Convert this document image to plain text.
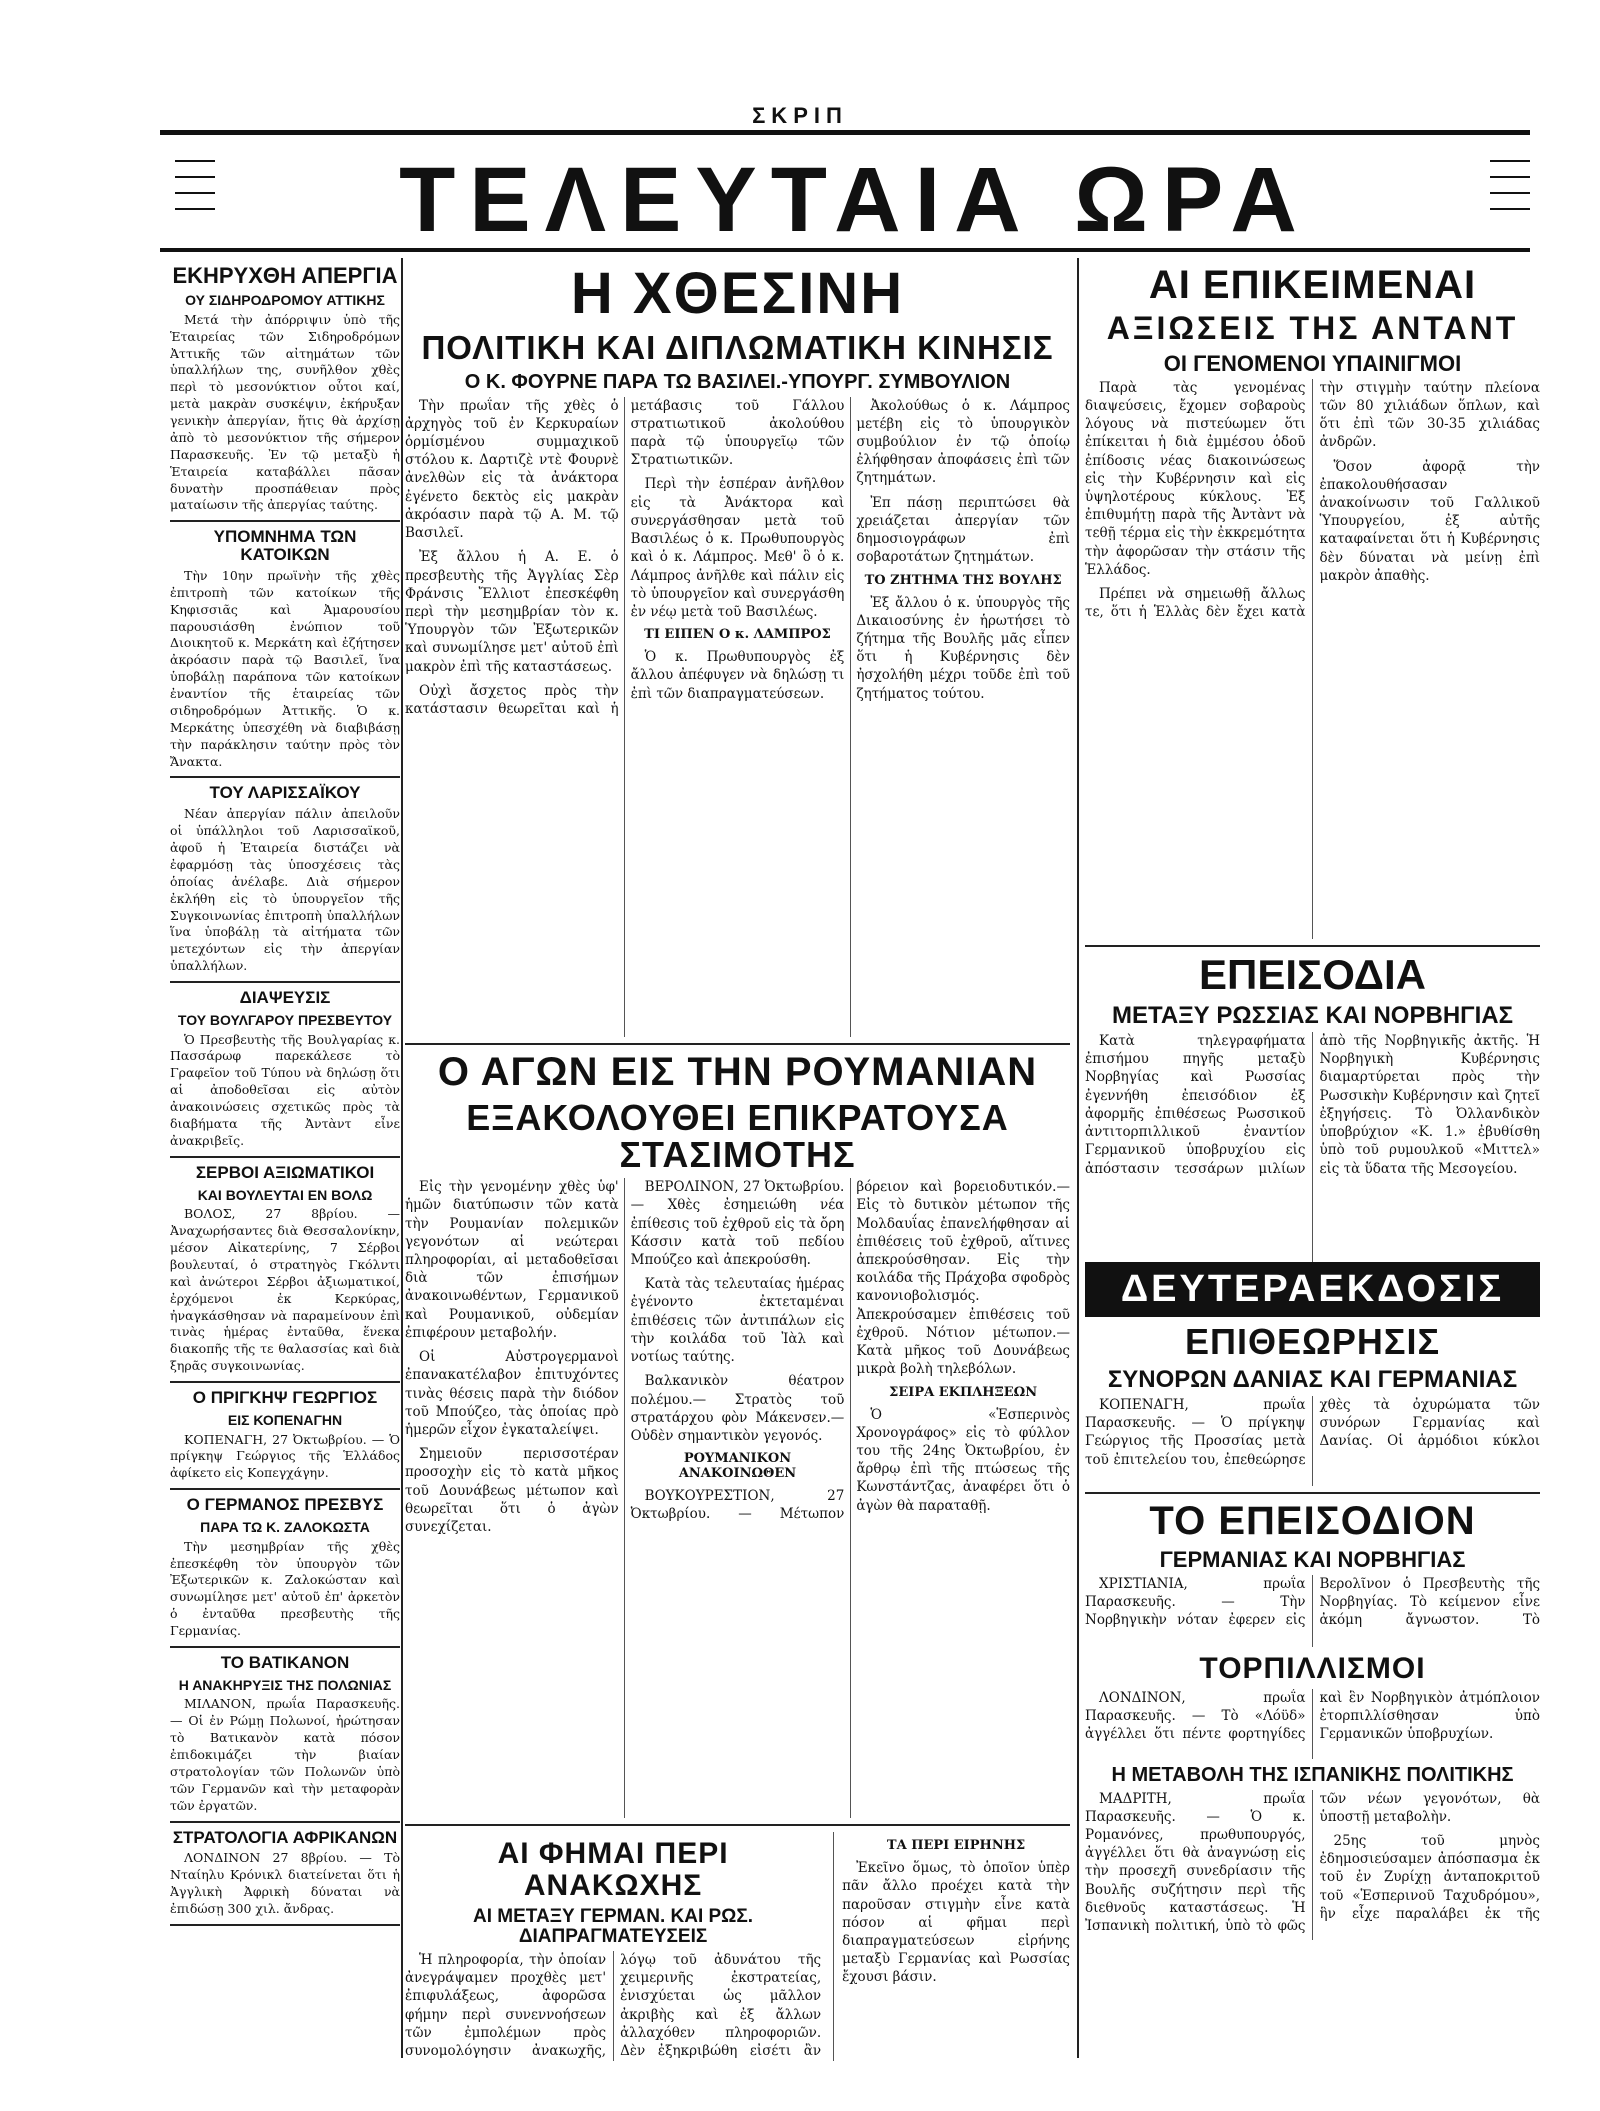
ΣΚΡΙΠ
ΤΕΛΕΥΤΑΙΑ ΩΡΑ
ΕΚΗΡΥΧΘΗ ΑΠΕΡΓΙΑ
ΟΥ ΣΙΔΗΡΟΔΡΟΜΟΥ ΑΤΤΙΚΗΣ

Μετά τὴν ἀπόρριψιν ὑπὸ τῆς Ἑταιρείας τῶν Σιδηροδρόμων Ἀττικῆς τῶν αἰτημάτων τῶν ὑπαλλήλων της, συνῆλθον χθὲς περὶ τὸ μεσονύκτιον οὗτοι καί, μετὰ μακρὰν συσκέψιν, ἐκήρυξαν γενικὴν ἀπεργίαν, ἥτις θὰ ἀρχίσῃ ἀπὸ τὸ μεσονύκτιον τῆς σήμερον Παρασκευῆς. Ἐν τῷ μεταξὺ ἡ Ἑταιρεία καταβάλλει πᾶσαν δυνατὴν προσπάθειαν πρὸς ματαίωσιν τῆς ἀπεργίας ταύτης.

ΥΠΟΜΝΗΜΑ ΤΩΝ ΚΑΤΟΙΚΩΝ

Τὴν 10ην πρωϊνὴν τῆς χθὲς ἐπιτροπὴ τῶν κατοίκων τῆς Κηφισσιᾶς καὶ Ἀμαρουσίου παρουσιάσθη ἐνώπιον τοῦ Διοικητοῦ κ. Μερκάτη καὶ ἐζήτησεν ἀκρόασιν παρὰ τῷ Βασιλεῖ, ἵνα ὑποβάλῃ παράπονα τῶν κατοίκων ἐναντίον τῆς ἑταιρείας τῶν σιδηροδρόμων Ἀττικῆς. Ὁ κ. Μερκάτης ὑπεσχέθη νὰ διαβιβάσῃ τὴν παράκλησιν ταύτην πρὸς τὸν Ἄνακτα.

ΤΟΥ ΛΑΡΙΣΣΑΪΚΟΥ

Νέαν ἀπεργίαν πάλιν ἀπειλοῦν οἱ ὑπάλληλοι τοῦ Λαρισσαϊκοῦ, ἀφοῦ ἡ Ἑταιρεία διστάζει νὰ ἐφαρμόσῃ τὰς ὑποσχέσεις τὰς ὁποίας ἀνέλαβε. Διὰ σήμερον ἐκλήθη εἰς τὸ ὑπουργεῖον τῆς Συγκοινωνίας ἐπιτροπὴ ὑπαλλήλων ἵνα ὑποβάλῃ τὰ αἰτήματα τῶν μετεχόντων εἰς τὴν ἀπεργίαν ὑπαλλήλων.

ΔΙΑΨΕΥΣΙΣ
ΤΟΥ ΒΟΥΛΓΑΡΟΥ ΠΡΕΣΒΕΥΤΟΥ

Ὁ Πρεσβευτὴς τῆς Βουλγαρίας κ. Πασσάρωφ παρεκάλεσε τὸ Γραφεῖον τοῦ Τύπου νὰ δηλώσῃ ὅτι αἱ ἀποδοθεῖσαι εἰς αὐτὸν ἀνακοινώσεις σχετικῶς πρὸς τὰ διαβήματα τῆς Ἀντὰντ εἶνε ἀνακριβεῖς.

ΣΕΡΒΟΙ ΑΞΙΩΜΑΤΙΚΟΙ
ΚΑΙ ΒΟΥΛΕΥΤΑΙ ΕΝ ΒΟΛΩ

ΒΟΛΟΣ, 27 8βρίου. — Ἀναχωρήσαντες διὰ Θεσσαλονίκην, μέσον Αἰκατερίνης, 7 Σέρβοι βουλευταί, ὁ στρατηγὸς Γκόλντι καὶ ἀνώτεροι Σέρβοι ἀξιωματικοί, ἐρχόμενοι ἐκ Κερκύρας, ἠναγκάσθησαν νὰ παραμείνουν ἐπὶ τινὰς ἡμέρας ἐνταῦθα, ἕνεκα διακοπῆς τῆς τε θαλασσίας καὶ διὰ ξηρᾶς συγκοινωνίας.

Ο ΠΡΙΓΚΗΨ ΓΕΩΡΓΙΟΣ
ΕΙΣ ΚΟΠΕΝΑΓΗΝ

ΚΟΠΕΝΑΓΗ, 27 Ὀκτωβρίου. — Ὁ πρίγκηψ Γεώργιος τῆς Ἑλλάδος ἀφίκετο εἰς Κοπεγχάγην.

Ο ΓΕΡΜΑΝΟΣ ΠΡΕΣΒΥΣ
ΠΑΡΑ ΤΩ Κ. ΖΑΛΟΚΩΣΤΑ

Τὴν μεσημβρίαν τῆς χθὲς ἐπεσκέφθη τὸν ὑπουργὸν τῶν Ἐξωτερικῶν κ. Ζαλοκώσταν καὶ συνωμίλησε μετ' αὐτοῦ ἐπ' ἀρκετὸν ὁ ἐνταῦθα πρεσβευτὴς τῆς Γερμανίας.

ΤΟ ΒΑΤΙΚΑΝΟΝ
Η ΑΝΑΚΗΡΥΞΙΣ ΤΗΣ ΠΟΛΩΝΙΑΣ

ΜΙΛΑΝΟΝ, πρωΐα Παρασκευῆς. — Οἱ ἐν Ρώμῃ Πολωνοί, ἠρώτησαν τὸ Βατικανὸν κατὰ πόσον ἐπιδοκιμάζει τὴν βιαίαν στρατολογίαν τῶν Πολωνῶν ὑπὸ τῶν Γερμανῶν καὶ τὴν μεταφορὰν τῶν ἐργατῶν.

ΣΤΡΑΤΟΛΟΓΙΑ ΑΦΡΙΚΑΝΩΝ

ΛΟΝΔΙΝΟΝ 27 8βρίου. — Τὸ Νταίηλυ Κρόνικλ διατείνεται ὅτι ἡ Ἀγγλικὴ Ἀφρικὴ δύναται νὰ ἐπιδώσῃ 300 χιλ. ἄνδρας.

Η ΧΘΕΣΙΝΗ
ΠΟΛΙΤΙΚΗ ΚΑΙ ΔΙΠΛΩΜΑΤΙΚΗ ΚΙΝΗΣΙΣ
Ο Κ. ΦΟΥΡΝΕ ΠΑΡΑ ΤΩ ΒΑΣΙΛΕΙ.-ΥΠΟΥΡΓ. ΣΥΜΒΟΥΛΙΟΝ

Τὴν πρωΐαν τῆς χθὲς ὁ ἀρχηγὸς τοῦ ἐν Κερκυραίων ὁρμίσμένου συμμαχικοῦ στόλου κ. Δαρτιζὲ ντὲ Φουρνὲ ἀνελθὼν εἰς τὰ ἀνάκτορα ἐγένετο δεκτὸς εἰς μακρὰν ἀκρόασιν παρὰ τῷ Α. Μ. τῷ Βασιλεῖ.

Ἐξ ἄλλου ἡ Α. Ε. ὁ πρεσβευτὴς τῆς Ἀγγλίας Σὲρ Φράνσις Ἔλλιοτ ἐπεσκέφθη περὶ τὴν μεσημβρίαν τὸν κ. Ὑπουργὸν τῶν Ἐξωτερικῶν καὶ συνωμίλησε μετ' αὐτοῦ ἐπὶ μακρὸν ἐπὶ τῆς καταστάσεως.

Οὐχὶ ἄσχετος πρὸς τὴν κατάστασιν θεωρεῖται καὶ ἡ μετάβασις τοῦ Γάλλου στρατιωτικοῦ ἀκολούθου παρὰ τῷ ὑπουργεῖῳ τῶν Στρατιωτικῶν.

Περὶ τὴν ἑσπέραν ἀνῆλθον εἰς τὰ Ἀνάκτορα καὶ συνεργάσθησαν μετὰ τοῦ Βασιλέως ὁ κ. Πρωθυπουργὸς καὶ ὁ κ. Λάμπρος. Μεθ' ὃ ὁ κ. Λάμπρος ἀνῆλθε καὶ πάλιν εἰς τὸ ὑπουργεῖον καὶ συνεργάσθη ἐν νέῳ μετὰ τοῦ Βασιλέως.

ΤΙ ΕΙΠΕΝ Ο κ. ΛΑΜΠΡΟΣ

Ὁ κ. Πρωθυπουργὸς ἐξ ἄλλου ἀπέφυγεν νὰ δηλώσῃ τι ἐπὶ τῶν διαπραγματεύσεων.

Ἀκολούθως ὁ κ. Λάμπρος μετέβη εἰς τὸ ὑπουργικὸν συμβούλιον ἐν τῷ ὁποίῳ ἐλήφθησαν ἀποφάσεις ἐπὶ τῶν ζητημάτων.

Ἐπ πάσῃ περιπτώσει θὰ χρειάζεται ἀπεργίαν τῶν δημοσιογράφων ἐπὶ σοβαροτάτων ζητημάτων.

ΤΟ ΖΗΤΗΜΑ ΤΗΣ ΒΟΥΛΗΣ

Ἐξ ἄλλου ὁ κ. ὑπουργὸς τῆς Δικαιοσύνης ἐν ἡρωτήσει τὸ ζήτημα τῆς Βουλῆς μᾶς εἶπεν ὅτι ἡ Κυβέρνησις δὲν ἠσχολήθη μέχρι τοῦδε ἐπὶ τοῦ ζητήματος τούτου.

Ο ΑΓΩΝ ΕΙΣ ΤΗΝ ΡΟΥΜΑΝΙΑΝ
ΕΞΑΚΟΛΟΥΘΕΙ ΕΠΙΚΡΑΤΟΥΣΑ ΣΤΑΣΙΜΟΤΗΣ

Εἰς τὴν γενομένην χθὲς ὑφ' ἡμῶν διατύπωσιν τῶν κατὰ τὴν Ρουμανίαν πολεμικῶν γεγονότων αἱ νεώτεραι πληροφορίαι, αἱ μεταδοθεῖσαι διὰ τῶν ἐπισήμων ἀνακοινωθέντων, Γερμανικοῦ καὶ Ρουμανικοῦ, οὐδεμίαν ἐπιφέρουν μεταβολήν.

Οἱ Αὐστρογερμανοὶ ἐπανακατέλαβον ἐπιτυχόντες τινὰς θέσεις παρὰ τὴν διόδον τοῦ Μπούζεο, τὰς ὁποίας πρὸ ἡμερῶν εἶχον ἐγκαταλείψει.

Σημειοῦν περισσοτέραν προσοχὴν εἰς τὸ κατὰ μῆκος τοῦ Δουνάβεως μέτωπον καὶ θεωρεῖται ὅτι ὁ ἀγὼν συνεχίζεται.

ΒΕΡΟΛΙΝΟΝ, 27 Ὀκτωβρίου. — Χθὲς ἐσημειώθη νέα ἐπίθεσις τοῦ ἐχθροῦ εἰς τὰ ὄρη Κάσσιν κατὰ τοῦ πεδίου Μπούζεο καὶ ἀπεκρούσθη.

Κατὰ τὰς τελευταίας ἡμέρας ἐγένοντο ἐκτεταμέναι ἐπιθέσεις τῶν ἀντιπάλων εἰς τὴν κοιλάδα τοῦ Ἰὰλ καὶ νοτίως ταύτης.

Βαλκανικὸν θέατρον πολέμου.— Στρατὸς τοῦ στρατάρχου φὸν Μάκενσεν.— Οὐδὲν σημαντικὸν γεγονός.

ΡΟΥΜΑΝΙΚΟΝ ΑΝΑΚΟΙΝΩΘΕΝ

ΒΟΥΚΟΥΡΕΣΤΙΟΝ, 27 Ὀκτωβρίου. — Μέτωπον βόρειον καὶ βορειοδυτικόν.— Εἰς τὸ δυτικὸν μέτωπον τῆς Μολδαυΐας ἐπανελήφθησαν αἱ ἐπιθέσεις τοῦ ἐχθροῦ, αἵτινες ἀπεκρούσθησαν. Εἰς τὴν κοιλάδα τῆς Πράχοβα σφοδρὸς κανονιοβολισμός. Ἀπεκρούσαμεν ἐπιθέσεις τοῦ ἐχθροῦ. Νότιον μέτωπον.— Κατὰ μῆκος τοῦ Δουνάβεως μικρὰ βολὴ τηλεβόλων.

ΣΕΙΡΑ ΕΚΠΛΗΞΕΩΝ

Ὁ «Ἑσπερινὸς Χρονογράφος» εἰς τὸ φύλλον του τῆς 24ης Ὀκτωβρίου, ἐν ἄρθρῳ ἐπὶ τῆς πτώσεως τῆς Κωνστάντζας, ἀναφέρει ὅτι ὁ ἀγὼν θὰ παραταθῇ.

ΑΙ ΦΗΜΑΙ ΠΕΡΙ ΑΝΑΚΩΧΗΣ
ΑΙ ΜΕΤΑΞΥ ΓΕΡΜΑΝ. ΚΑΙ ΡΩΣ. ΔΙΑΠΡΑΓΜΑΤΕΥΣΕΙΣ

Ἡ πληροφορία, τὴν ὁποίαν ἀνεγράψαμεν προχθὲς μετ' ἐπιφυλάξεως, ἀφορῶσα φήμην περὶ συνεννοήσεων τῶν ἐμπολέμων πρὸς συνομολόγησιν ἀνακωχῆς, λόγῳ τοῦ ἀδυνάτου τῆς χειμερινῆς ἐκστρατείας, ἐνισχύεται ὡς μᾶλλον ἀκριβὴς καὶ ἐξ ἄλλων ἀλλαχόθεν πληροφοριῶν. Δὲν ἐξηκριβώθη εἰσέτι ἂν

ΤΑ ΠΕΡΙ ΕΙΡΗΝΗΣ

Ἐκεῖνο ὅμως, τὸ ὁποῖον ὑπὲρ πᾶν ἄλλο προέχει κατὰ τὴν παροῦσαν στιγμὴν εἶνε κατὰ πόσον αἱ φῆμαι περὶ διαπραγματεύσεων εἰρήνης μεταξὺ Γερμανίας καὶ Ρωσσίας ἔχουσι βάσιν.

ΑΙ ΕΠΙΚΕΙΜΕΝΑΙ
ΑΞΙΩΣΕΙΣ ΤΗΣ ΑΝΤΑΝΤ
ΟΙ ΓΕΝΟΜΕΝΟΙ ΥΠΑΙΝΙΓΜΟΙ

Παρὰ τὰς γενομένας διαψεύσεις, ἔχομεν σοβαροὺς λόγους νὰ πιστεύωμεν ὅτι ἐπίκειται ἡ διὰ ἐμμέσου ὁδοῦ ἐπίδοσις νέας διακοινώσεως εἰς τὴν Κυβέρνησιν καὶ εἰς ὑψηλοτέρους κύκλους. Ἐξ ἐπιθυμήτῃ παρὰ τῆς Ἀντὰντ νὰ τεθῇ τέρμα εἰς τὴν ἐκκρεμότητα τὴν ἀφορῶσαν τὴν στάσιν τῆς Ἑλλάδος.

Πρέπει νὰ σημειωθῇ ἄλλως τε, ὅτι ἡ Ἑλλὰς δὲν ἔχει κατὰ τὴν στιγμὴν ταύτην πλείονα τῶν 80 χιλιάδων ὅπλων, καὶ ὅτι ἐπὶ τῶν 30-35 χιλιάδας ἀνδρῶν.

Ὅσον ἀφορᾷ τὴν ἐπακολουθήσασαν ἀνακοίνωσιν τοῦ Γαλλικοῦ Ὑπουργείου, ἐξ αὐτῆς καταφαίνεται ὅτι ἡ Κυβέρνησις δὲν δύναται νὰ μείνῃ ἐπὶ μακρὸν ἀπαθὴς.

ΕΠΕΙΣΟΔΙΑ
ΜΕΤΑΞΥ ΡΩΣΣΙΑΣ ΚΑΙ ΝΟΡΒΗΓΙΑΣ

Κατὰ τηλεγραφήματα ἐπισήμου πηγῆς μεταξὺ Νορβηγίας καὶ Ρωσσίας ἐγεννήθη ἐπεισόδιον ἐξ ἀφορμῆς ἐπιθέσεως Ρωσσικοῦ ἀντιτορπιλλικοῦ ἐναντίον Γερμανικοῦ ὑποβρυχίου εἰς ἀπόστασιν τεσσάρων μιλίων ἀπὸ τῆς Νορβηγικῆς ἀκτῆς. Ἡ Νορβηγικὴ Κυβέρνησις διαμαρτύρεται πρὸς τὴν Ρωσσικὴν Κυβέρνησιν καὶ ζητεῖ ἐξηγήσεις. Τὸ Ὀλλανδικὸν ὑποβρύχιον «Κ. 1.» ἐβυθίσθη ὑπὸ τοῦ ρυμουλκοῦ «Μιττελ» εἰς τὰ ὕδατα τῆς Μεσογείου.

ΔΕΥΤΕΡΑΕΚΔΟΣΙΣ
ΕΠΙΘΕΩΡΗΣΙΣ
ΣΥΝΟΡΩΝ ΔΑΝΙΑΣ ΚΑΙ ΓΕΡΜΑΝΙΑΣ

ΚΟΠΕΝΑΓΗ, πρωΐα Παρασκευῆς. — Ὁ πρίγκηψ Γεώργιος τῆς Προσσίας μετὰ τοῦ ἐπιτελείου του, ἐπεθεώρησε χθὲς τὰ ὀχυρώματα τῶν συνόρων Γερμανίας καὶ Δανίας. Οἱ ἁρμόδιοι κύκλοι

ΤΟ ΕΠΕΙΣΟΔΙΟΝ
ΓΕΡΜΑΝΙΑΣ ΚΑΙ ΝΟΡΒΗΓΙΑΣ

ΧΡΙΣΤΙΑΝΙΑ, πρωΐα Παρασκευῆς. — Τὴν Νορβηγικὴν νόταν ἐφερεν εἰς Βερολῖνον ὁ Πρεσβευτὴς τῆς Νορβηγίας. Τὸ κείμενον εἶνε ἀκόμη ἄγνωστον. Τὸ

ΤΟΡΠΙΛΛΙΣΜΟΙ

ΛΟΝΔΙΝΟΝ, πρωΐα Παρασκευῆς. — Τὸ «Λόϋδ» ἀγγέλλει ὅτι πέντε φορτηγίδες καὶ ἓν Νορβηγικὸν ἀτμόπλοιον ἐτορπιλλίσθησαν ὑπὸ Γερμανικῶν ὑποβρυχίων.

Η ΜΕΤΑΒΟΛΗ ΤΗΣ ΙΣΠΑΝΙΚΗΣ ΠΟΛΙΤΙΚΗΣ

ΜΑΔΡΙΤΗ, πρωΐα Παρασκευῆς. — Ὁ κ. Ρομανόνες, πρωθυπουργός, ἀγγέλλει ὅτι θὰ ἀναγνώσῃ εἰς τὴν προσεχῆ συνεδρίασιν τῆς Βουλῆς συζήτησιν περὶ τῆς διεθνοῦς καταστάσεως. Ἡ Ἰσπανικὴ πολιτική, ὑπὸ τὸ φῶς τῶν νέων γεγονότων, θὰ ὑποστῇ μεταβολὴν.

25ης τοῦ μηνὸς ἐδημοσιεύσαμεν ἀπόσπασμα ἐκ τοῦ ἐν Ζυρίχῃ ἀνταποκριτοῦ τοῦ «Ἑσπερινοῦ Ταχυδρόμου», ἣν εἶχε παραλάβει ἐκ τῆς
